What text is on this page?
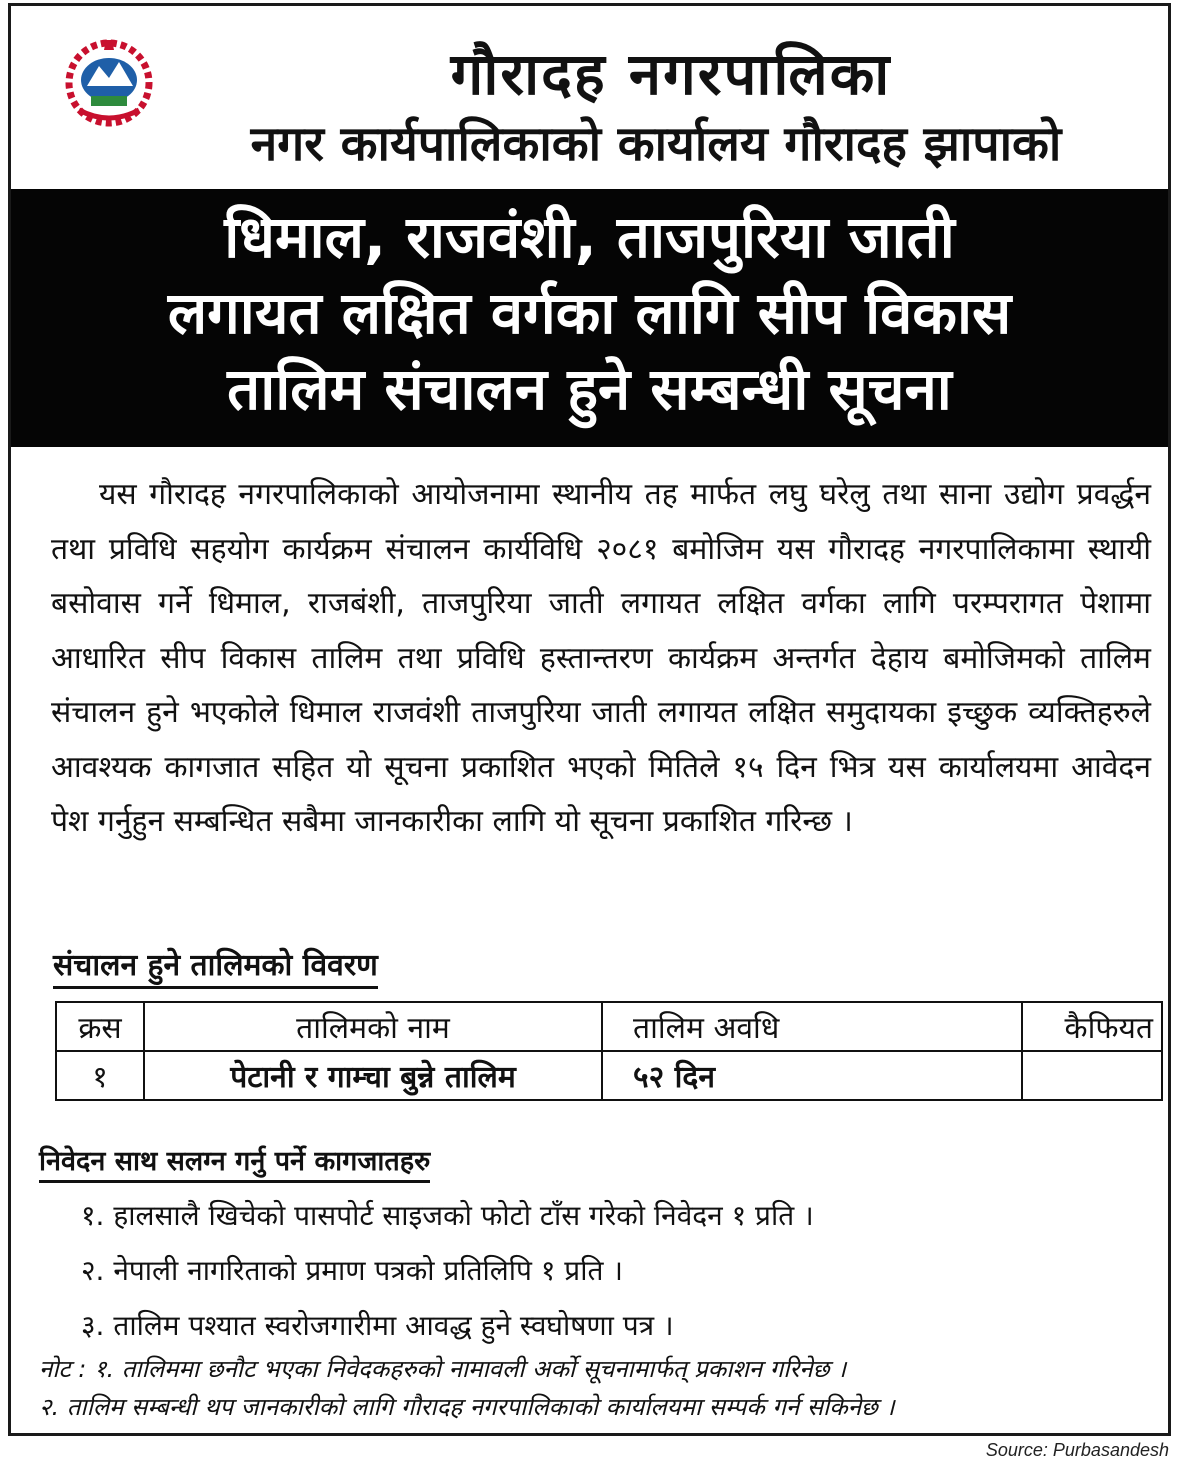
गौरादह नगरपालिका
नगर कार्यपालिकाको कार्यालय गौरादह झापाको
धिमाल, राजवंशी, ताजपुरिया जाती
लगायत लक्षित वर्गका लागि सीप विकास
तालिम संचालन हुने सम्बन्धी सूचना
यस गौरादह नगरपालिकाको आयोजनामा स्थानीय तह मार्फत लघु घरेलु तथा साना उद्योग प्रवर्द्धन तथा प्रविधि सहयोग कार्यक्रम संचालन कार्यविधि २०८१ बमोजिम यस गौरादह नगरपालिकामा स्थायी बसोवास गर्ने धिमाल, राजबंशी, ताजपुरिया जाती लगायत लक्षित वर्गका लागि परम्परागत पेशामा आधारित सीप विकास तालिम तथा प्रविधि हस्तान्तरण कार्यक्रम अन्तर्गत देहाय बमोजिमको तालिम संचालन हुने भएकोले धिमाल राजवंशी ताजपुरिया जाती लगायत लक्षित समुदायका इच्छुक व्यक्तिहरुले आवश्यक कागजात सहित यो सूचना प्रकाशित भएको मितिले १५ दिन भित्र यस कार्यालयमा आवेदन पेश गर्नुहुन सम्बन्धित सबैमा जानकारीका लागि यो सूचना प्रकाशित गरिन्छ ।
संचालन हुने तालिमको विवरण
क्रस	तालिमको नाम	तालिम अवधि	कैफियत
१	पेटानी र गाम्चा बुन्ने तालिम	५२ दिन	
निवेदन साथ सलग्न गर्नु पर्ने कागजातहरु
१. हालसालै खिचेको पासपोर्ट साइजको फोटो टाँस गरेको निवेदन १ प्रति ।
२. नेपाली नागरिताको प्रमाण पत्रको प्रतिलिपि १ प्रति ।
३. तालिम पश्यात स्वरोजगारीमा आवद्ध हुने स्वघोषणा पत्र ।
नोट : १. तालिममा छनौट भएका निवेदकहरुको नामावली अर्को सूचनामार्फत् प्रकाशन गरिनेछ ।
२. तालिम सम्बन्धी थप जानकारीको लागि गौरादह नगरपालिकाको कार्यालयमा सम्पर्क गर्न सकिनेछ ।
Source: Purbasandesh
